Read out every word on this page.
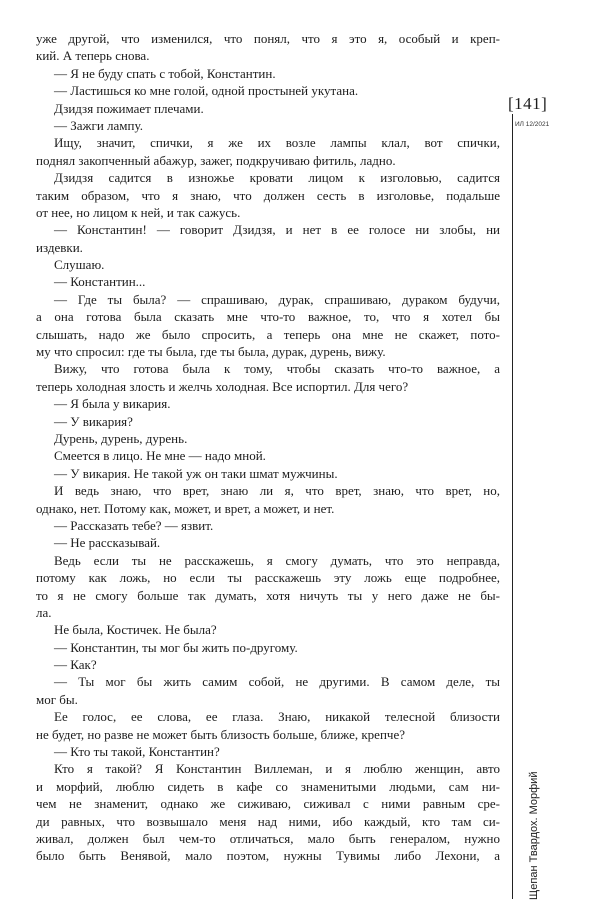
уже другой, что изменился, что понял, что я это я, особый и креп-
кий. А теперь снова.
— Я не буду спать с тобой, Константин.
— Ластишься ко мне голой, одной простыней укутана.
Дзидзя пожимает плечами.
— Зажги лампу.
Ищу, значит, спички, я же их возле лампы клал, вот спички,
поднял закопченный абажур, зажег, подкручиваю фитиль, ладно.
Дзидзя садится в изножье кровати лицом к изголовью, садится
таким образом, что я знаю, что должен сесть в изголовье, подальше
от нее, но лицом к ней, и так сажусь.
— Константин! — говорит Дзидзя, и нет в ее голосе ни злобы, ни
издевки.
Слушаю.
— Константин...
— Где ты была? — спрашиваю, дурак, спрашиваю, дураком будучи,
а она готова была сказать мне что-то важное, то, что я хотел бы
слышать, надо же было спросить, а теперь она мне не скажет, пото-
му что спросил: где ты была, где ты была, дурак, дурень, вижу.
Вижу, что готова была к тому, чтобы сказать что-то важное, а
теперь холодная злость и желчь холодная. Все испортил. Для чего?
— Я была у викария.
— У викария?
Дурень, дурень, дурень.
Смеется в лицо. Не мне — надо мной.
— У викария. Не такой уж он таки шмат мужчины.
И ведь знаю, что врет, знаю ли я, что врет, знаю, что врет, но,
однако, нет. Потому как, может, и врет, а может, и нет.
— Рассказать тебе? — язвит.
— Не рассказывай.
Ведь если ты не расскажешь, я смогу думать, что это неправда,
потому как ложь, но если ты расскажешь эту ложь еще подробнее,
то я не смогу больше так думать, хотя ничуть ты у него даже не бы-
ла.
Не была, Костичек. Не была?
— Константин, ты мог бы жить по-другому.
— Как?
— Ты мог бы жить самим собой, не другими. В самом деле, ты
мог бы.
Ее голос, ее слова, ее глаза. Знаю, никакой телесной близости
не будет, но разве не может быть близость больше, ближе, крепче?
— Кто ты такой, Константин?
Кто я такой? Я Константин Виллеман, и я люблю женщин, авто
и морфий, люблю сидеть в кафе со знаменитыми людьми, сам ни-
чем не знаменит, однако же сиживаю, сиживал с ними равным сре-
ди равных, что возвышало меня над ними, ибо каждый, кто там си-
живал, должен был чем-то отличаться, мало быть генералом, нужно
было быть Венявой, мало поэтом, нужны Тувимы либо Лехони, а
[141]
ИЛ 12/2021
Щепан Твардох. Морфий
